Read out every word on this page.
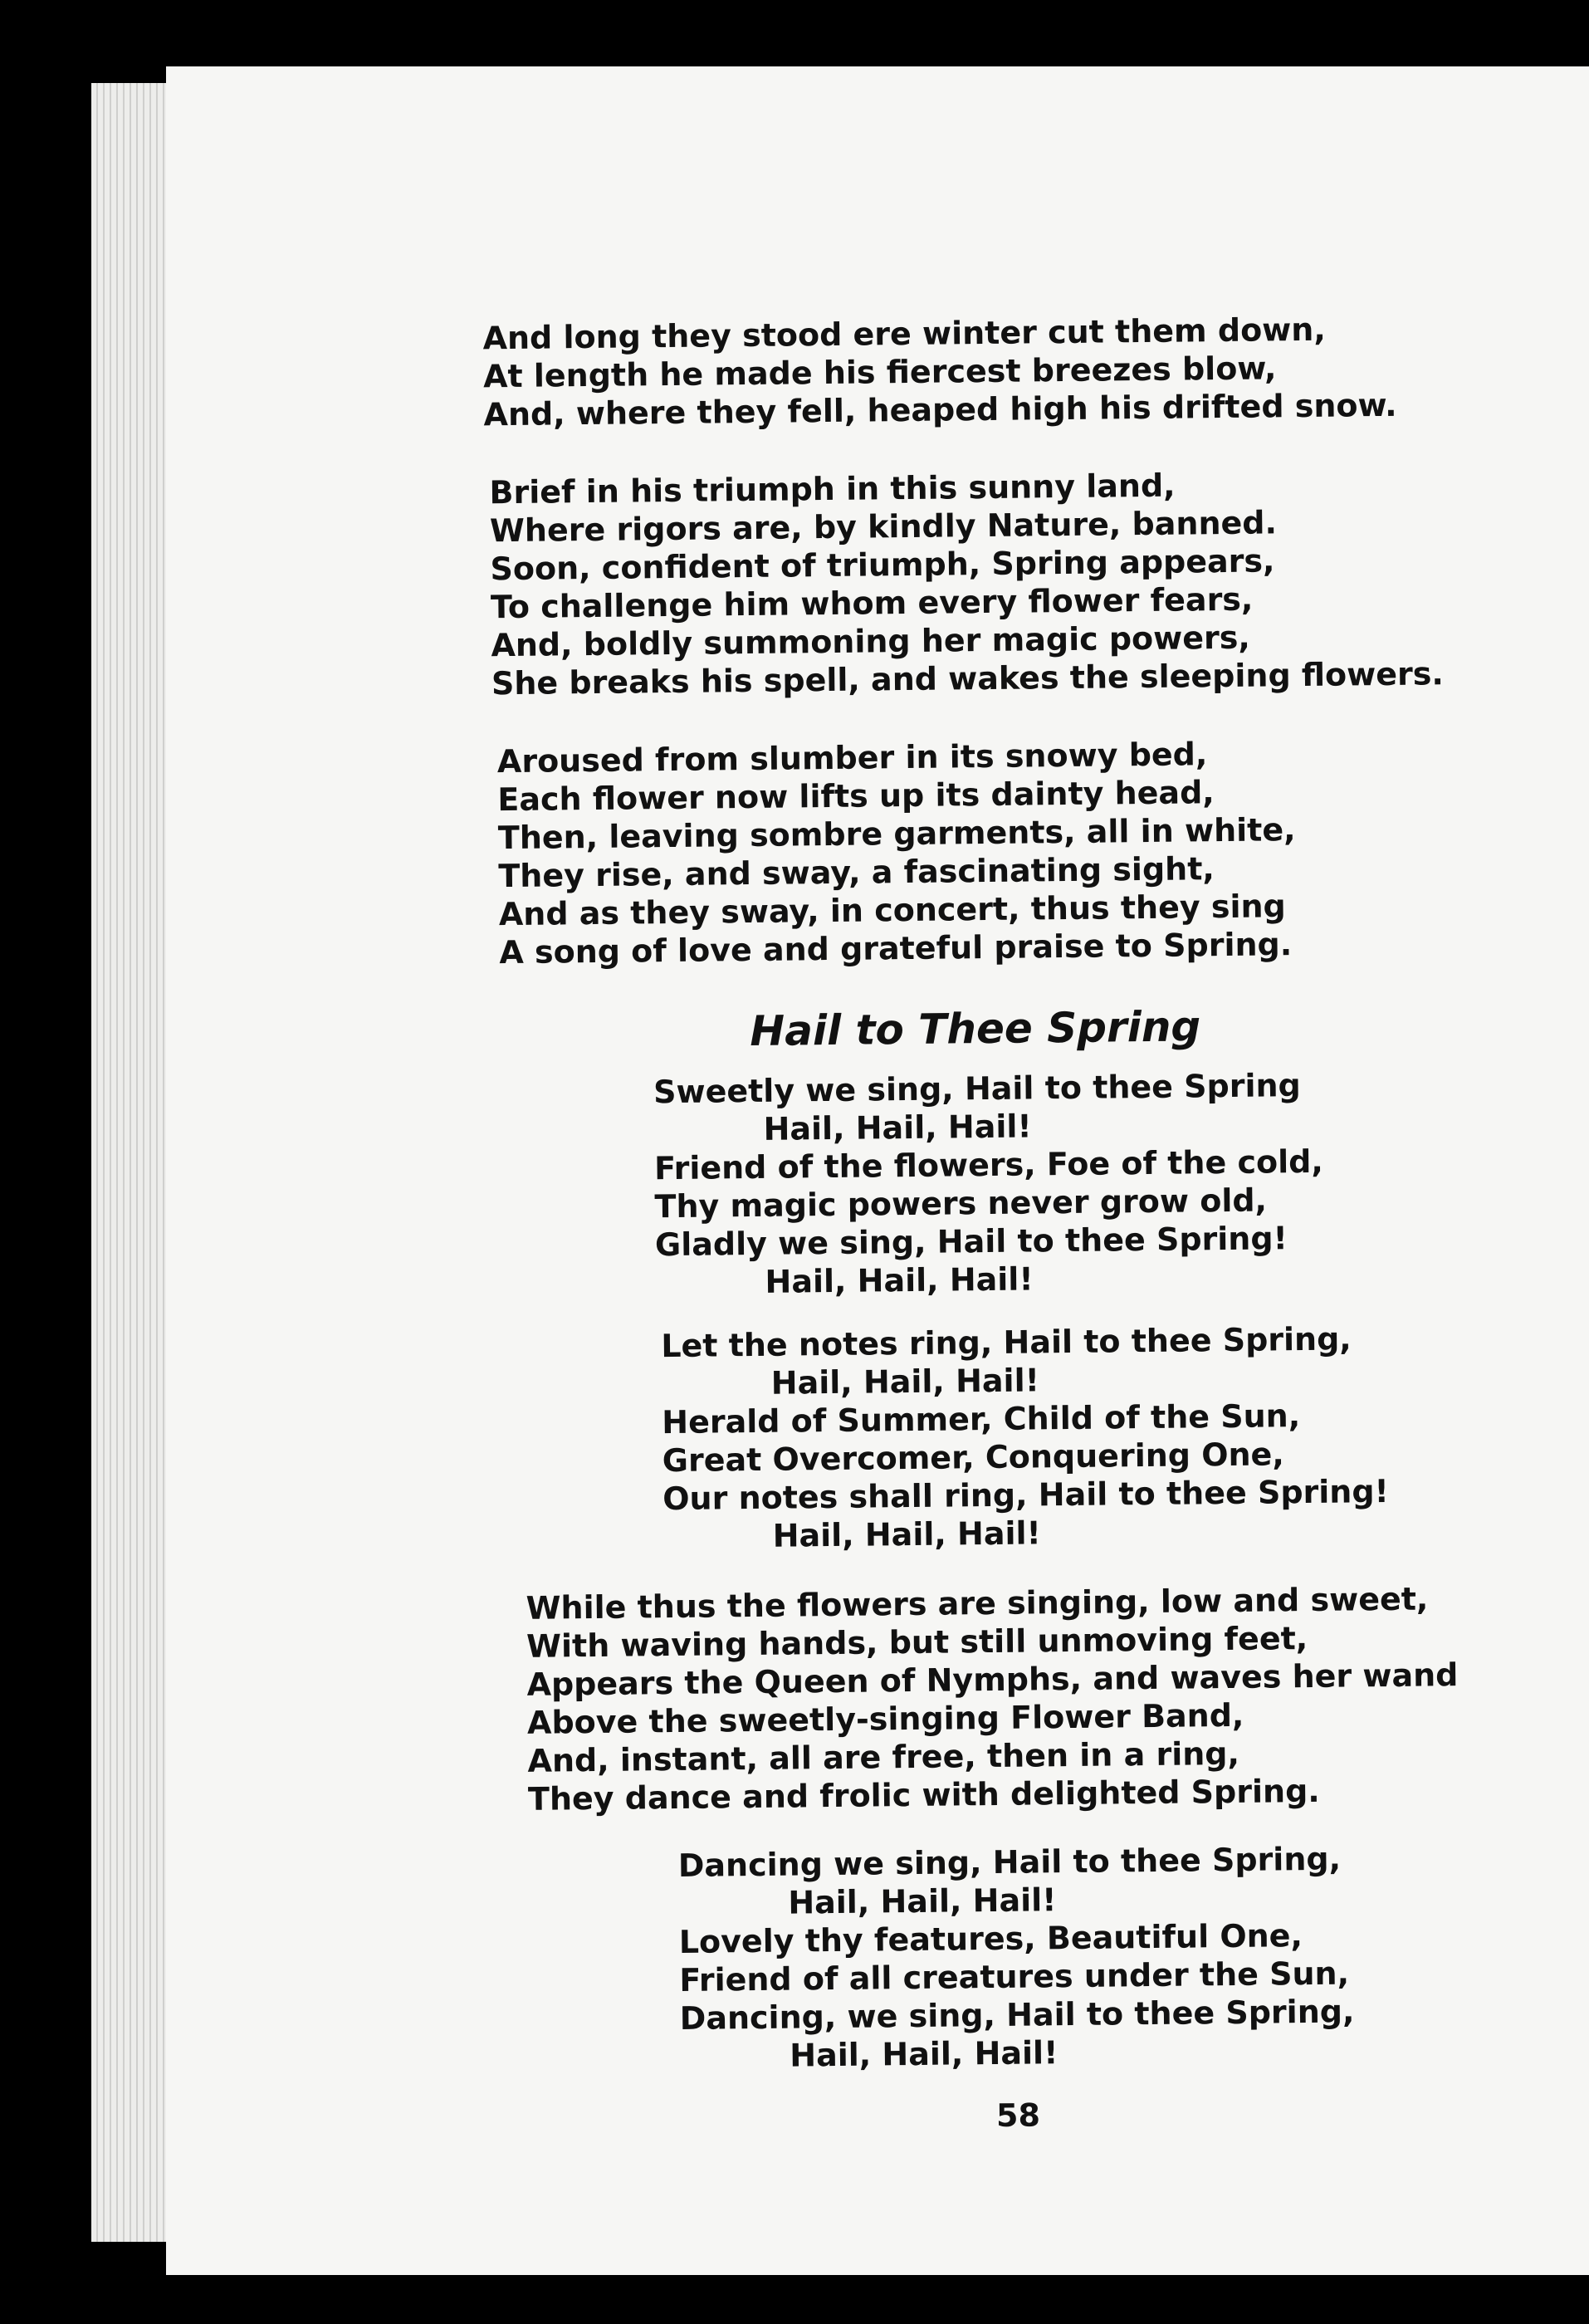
And long they stood ere winter cut them down,
At length he made his fiercest breezes blow,
And, where they fell, heaped high his drifted snow.

Brief in his triumph in this sunny land,
Where rigors are, by kindly Nature, banned.
Soon, confident of triumph, Spring appears,
To challenge him whom every flower fears,
And, boldly summoning her magic powers,
She breaks his spell, and wakes the sleeping flowers.

Aroused from slumber in its snowy bed,
Each flower now lifts up its dainty head,
Then, leaving sombre garments, all in white,
They rise, and sway, a fascinating sight,
And as they sway, in concert, thus they sing
A song of love and grateful praise to Spring.

Hail to Thee Spring

Sweetly we sing, Hail to thee Spring
Hail, Hail, Hail!
Friend of the flowers, Foe of the cold,
Thy magic powers never grow old,
Gladly we sing, Hail to thee Spring!
Hail, Hail, Hail!

Let the notes ring, Hail to thee Spring,
Hail, Hail, Hail!
Herald of Summer, Child of the Sun,
Great Overcomer, Conquering One,
Our notes shall ring, Hail to thee Spring!
Hail, Hail, Hail!

While thus the flowers are singing, low and sweet,
With waving hands, but still unmoving feet,
Appears the Queen of Nymphs, and waves her wand
Above the sweetly-singing Flower Band,
And, instant, all are free, then in a ring,
They dance and frolic with delighted Spring.

Dancing we sing, Hail to thee Spring,
Hail, Hail, Hail!
Lovely thy features, Beautiful One,
Friend of all creatures under the Sun,
Dancing, we sing, Hail to thee Spring,
Hail, Hail, Hail!

58
